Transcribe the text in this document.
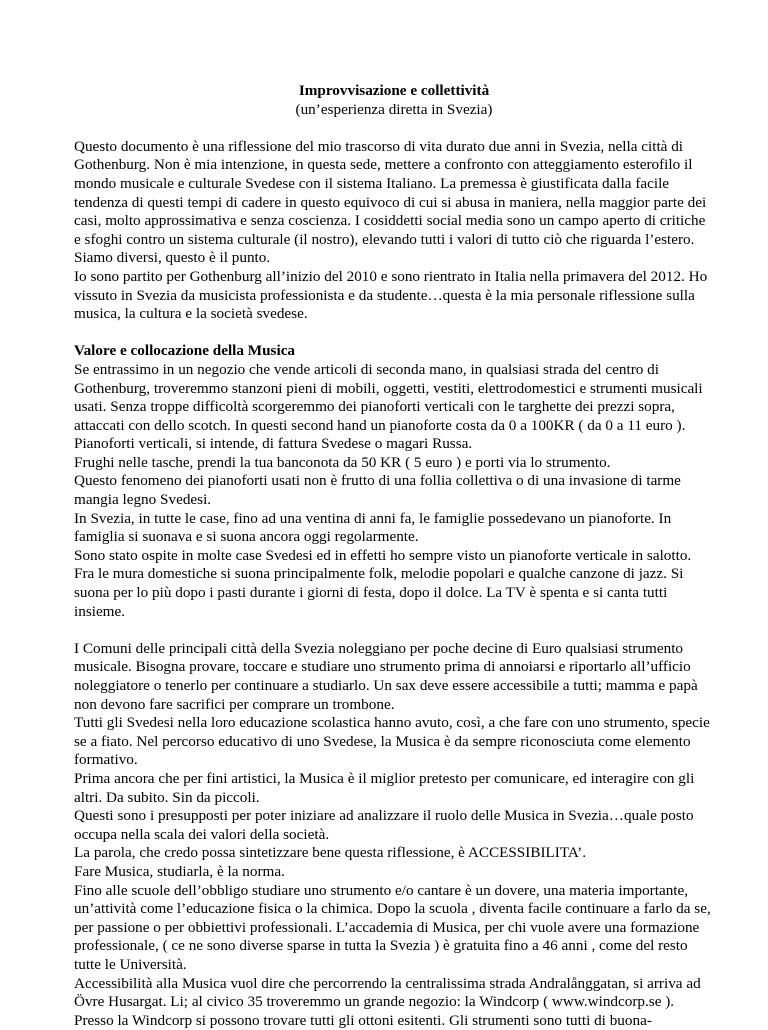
Improvvisazione e collettività
(un’esperienza diretta in Svezia)

Questo documento è una riflessione del mio trascorso di vita durato due anni in Svezia, nella città di Gothenburg. Non è mia intenzione, in questa sede, mettere a confronto con atteggiamento esterofilo il mondo musicale e culturale Svedese con il sistema Italiano. La premessa è giustificata dalla facile tendenza di questi tempi di cadere in questo equivoco di cui si abusa in maniera, nella maggior parte dei casi, molto approssimativa e senza coscienza. I cosiddetti social media sono un campo aperto di critiche e sfoghi contro un sistema culturale (il nostro), elevando tutti i valori di tutto ciò che riguarda l’estero. Siamo diversi, questo è il punto.

Io sono partito per Gothenburg all’inizio del 2010 e sono rientrato in Italia nella primavera del 2012. Ho vissuto in Svezia da musicista professionista e da studente…questa è la mia personale riflessione sulla musica, la cultura e la società svedese.

Valore e collocazione della Musica

Se entrassimo in un negozio che vende articoli di seconda mano, in qualsiasi strada del centro di Gothenburg, troveremmo stanzoni pieni di mobili, oggetti, vestiti, elettrodomestici e strumenti musicali usati. Senza troppe difficoltà scorgeremmo dei pianoforti verticali con le targhette dei prezzi sopra, attaccati con dello scotch. In questi second hand un pianoforte costa da 0 a 100KR ( da 0 a 11 euro ). Pianoforti verticali, si intende, di fattura Svedese o magari Russa.

Frughi nelle tasche, prendi la tua banconota da 50 KR ( 5 euro ) e porti via lo strumento.

Questo fenomeno dei pianoforti usati non è frutto di una follia collettiva o di una invasione di tarme mangia legno Svedesi.

In Svezia, in tutte le case, fino ad una ventina di anni fa, le famiglie possedevano un pianoforte. In famiglia si suonava e si suona ancora oggi regolarmente.

Sono stato ospite in molte case Svedesi ed in effetti ho sempre visto un pianoforte verticale in salotto. Fra le mura domestiche si suona principalmente folk, melodie popolari e qualche canzone di jazz. Si suona per lo più dopo i pasti durante i giorni di festa, dopo il dolce. La TV è spenta e si canta tutti insieme.

I Comuni delle principali città della Svezia noleggiano per poche decine di Euro qualsiasi strumento musicale. Bisogna provare, toccare e studiare uno strumento prima di annoiarsi e riportarlo all’ufficio noleggiatore o tenerlo per continuare a studiarlo. Un sax deve essere accessibile a tutti; mamma e papà non devono fare sacrifici per comprare un trombone.

Tutti gli Svedesi nella loro educazione scolastica hanno avuto, così, a che fare con uno strumento, specie se a fiato. Nel percorso educativo di uno Svedese, la Musica è da sempre riconosciuta come elemento formativo.

Prima ancora che per fini artistici, la Musica è il miglior pretesto per comunicare, ed interagire con gli altri. Da subito. Sin da piccoli.

Questi sono i presupposti per poter iniziare ad analizzare il ruolo delle Musica in Svezia…quale posto occupa nella scala dei valori della società.

La parola, che credo possa sintetizzare bene questa riflessione, è ACCESSIBILITA’.

Fare Musica, studiarla, è la norma.

Fino alle scuole dell’obbligo studiare uno strumento e/o cantare è un dovere, una materia importante, un’attività come l’educazione fisica o la chimica. Dopo la scuola , diventa facile continuare a farlo da se, per passione o per obbiettivi professionali. L’accademia di Musica, per chi vuole avere una formazione professionale, ( ce ne sono diverse sparse in tutta la Svezia ) è gratuita fino a 46 anni , come del resto tutte le Università.

Accessibilità alla Musica vuol dire che percorrendo la centralissima strada Andralånggatan, si arriva ad Övre Husargat. Li; al civico 35 troveremmo un grande negozio: la Windcorp ( www.windcorp.se ). Presso la Windcorp si possono trovare tutti gli ottoni esitenti. Gli strumenti sono tutti di buona-
